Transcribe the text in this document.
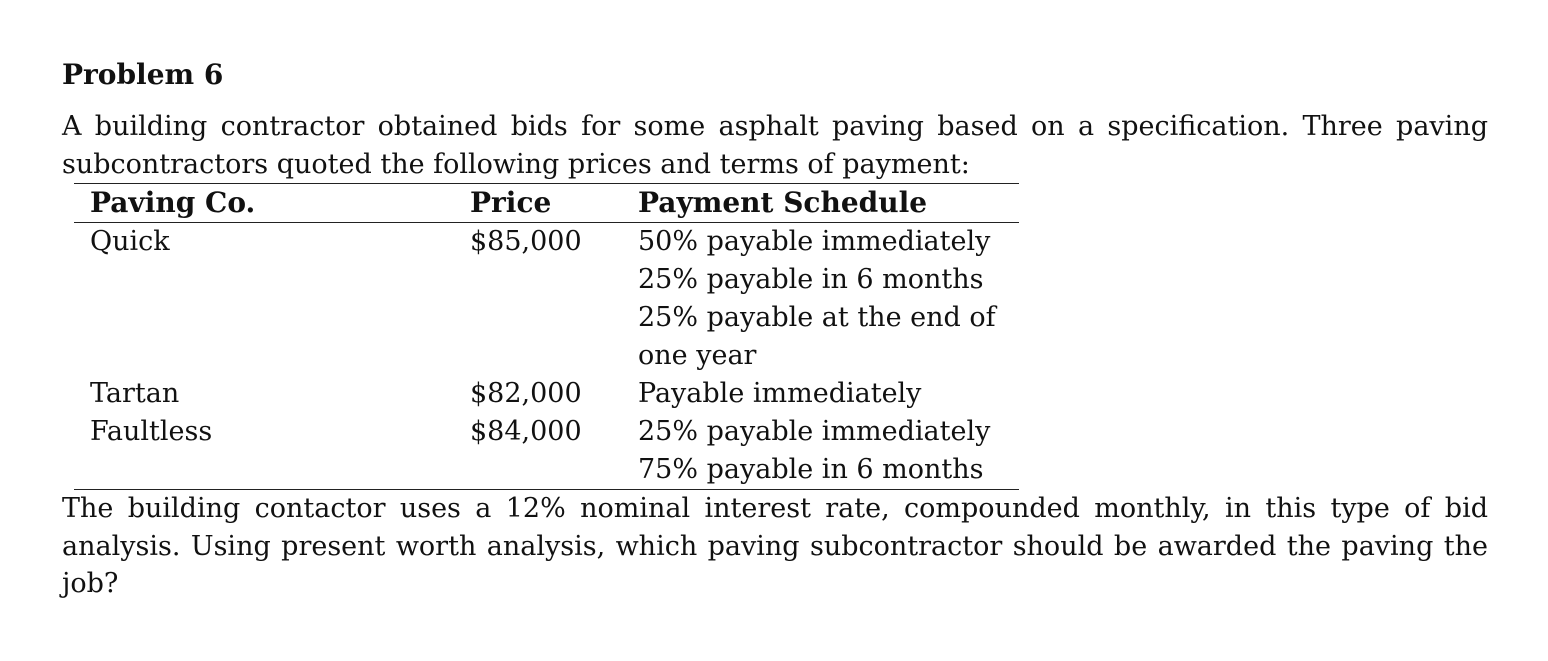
Problem 6

A building contractor obtained bids for some asphalt paving based on a specification. Three paving subcontractors quoted the following prices and terms of payment:

	Paving Co.	Price	Payment Schedule
	Quick	$85,000	50% payable immediately
25% payable in 6 months
25% payable at the end of
one year

	Tartan	$82,000	Payable immediately

	Faultless	$84,000	25% payable immediately
75% payable in 6 months

The building contactor uses a 12% nominal interest rate, compounded monthly, in this type of bid analysis. Using present worth analysis, which paving subcontractor should be awarded the paving the job?
